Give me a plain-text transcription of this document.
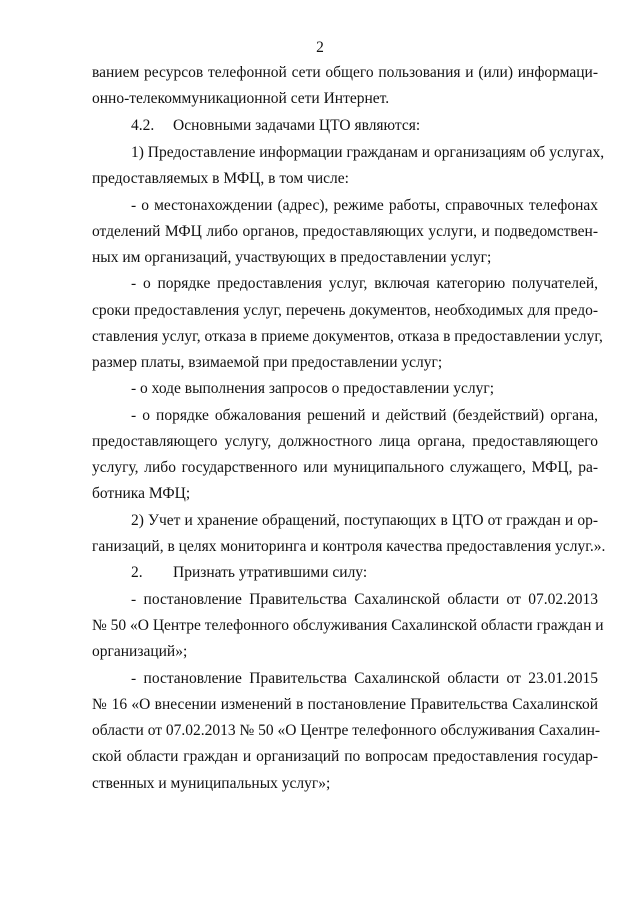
2
ванием ресурсов телефонной сети общего пользования и (или) информаци-
онно-телекоммуникационной сети Интернет.
4.2. Основными задачами ЦТО являются:
1) Предоставление информации гражданам и организациям об услугах,
предоставляемых в МФЦ, в том числе:
- о местонахождении (адрес), режиме работы, справочных телефонах
отделений МФЦ либо органов, предоставляющих услуги, и подведомствен-
ных им организаций, участвующих в предоставлении услуг;
- о порядке предоставления услуг, включая категорию получателей,
сроки предоставления услуг, перечень документов, необходимых для предо-
ставления услуг, отказа в приеме документов, отказа в предоставлении услуг,
размер платы, взимаемой при предоставлении услуг;
- о ходе выполнения запросов о предоставлении услуг;
- о порядке обжалования решений и действий (бездействий) органа,
предоставляющего услугу, должностного лица органа, предоставляющего
услугу, либо государственного или муниципального служащего, МФЦ, ра-
ботника МФЦ;
2) Учет и хранение обращений, поступающих в ЦТО от граждан и ор-
ганизаций, в целях мониторинга и контроля качества предоставления услуг.».
2. Признать утратившими силу:
- постановление Правительства Сахалинской области от 07.02.2013
№ 50 «О Центре телефонного обслуживания Сахалинской области граждан и
организаций»;
- постановление Правительства Сахалинской области от 23.01.2015
№ 16 «О внесении изменений в постановление Правительства Сахалинской
области от 07.02.2013 № 50 «О Центре телефонного обслуживания Сахалин-
ской области граждан и организаций по вопросам предоставления государ-
ственных и муниципальных услуг»;
